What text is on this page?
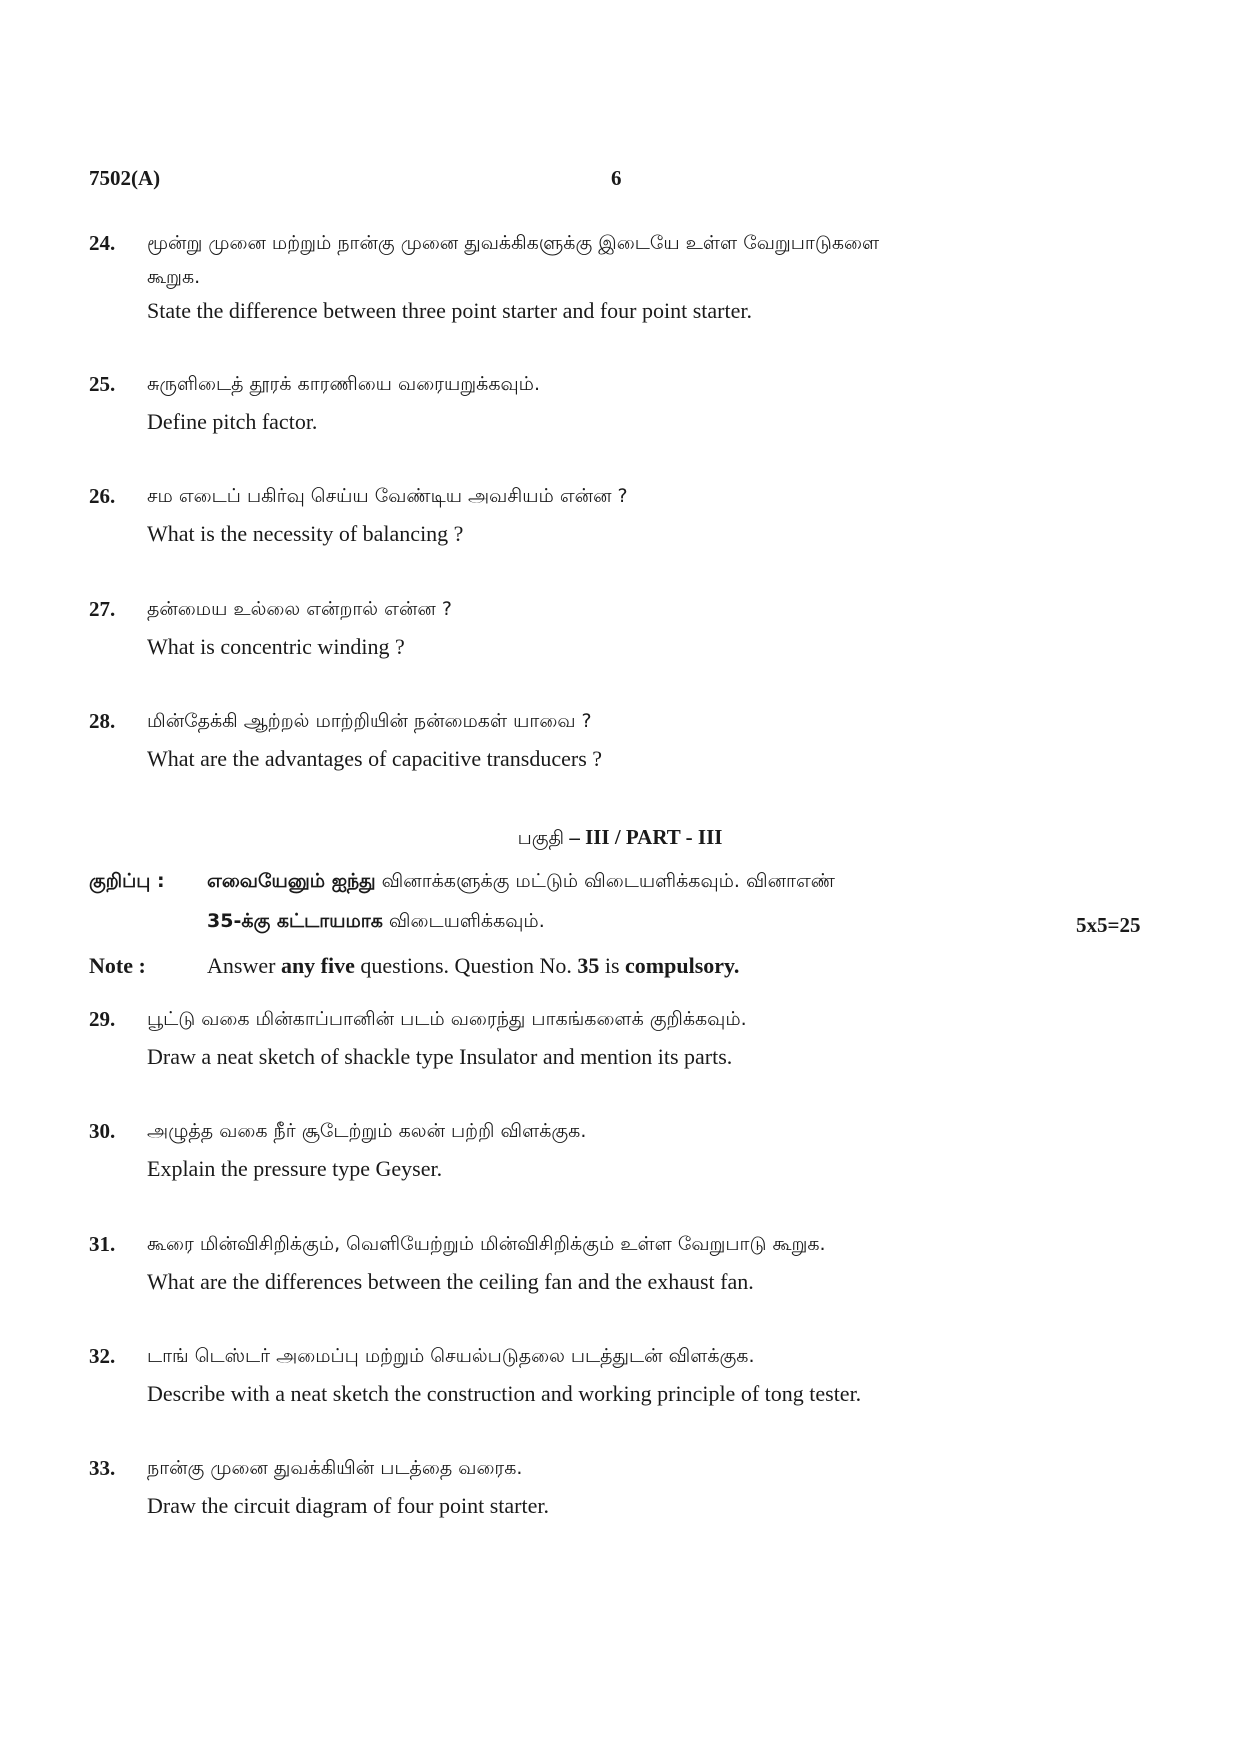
7502(A)	6
24.	மூன்று முனை மற்றும் நான்கு முனை துவக்கிகளுக்கு இடையே உள்ள வேறுபாடுகளை
கூறுக.
State the difference between three point starter and four point starter.
25.	சுருளிடைத் தூரக் காரணியை வரையறுக்கவும்.
Define pitch factor.
26.	சம எடைப் பகிர்வு செய்ய வேண்டிய அவசியம் என்ன ?
What is the necessity of balancing ?
27.	தன்மைய உல்லை என்றால் என்ன ?
What is concentric winding ?
28.	மின்தேக்கி ஆற்றல் மாற்றியின் நன்மைகள் யாவை ?
What are the advantages of capacitive transducers ?
பகுதி – III / PART - III
குறிப்பு : எவையேனும் ஐந்து வினாக்களுக்கு மட்டும் விடையளிக்கவும். வினாஎண்
35-க்கு கட்டாயமாக விடையளிக்கவும்.	5x5=25
Note :	Answer any five questions. Question No. 35 is compulsory.
29.	பூட்டு வகை மின்காப்பானின் படம் வரைந்து பாகங்களைக் குறிக்கவும்.
Draw a neat sketch of shackle type Insulator and mention its parts.
30.	அழுத்த வகை நீர் சூடேற்றும் கலன் பற்றி விளக்குக.
Explain the pressure type Geyser.
31.	கூரை மின்விசிறிக்கும், வெளியேற்றும் மின்விசிறிக்கும் உள்ள வேறுபாடு கூறுக.
What are the differences between the ceiling fan and the exhaust fan.
32.	டாங் டெஸ்டர் அமைப்பு மற்றும் செயல்படுதலை படத்துடன் விளக்குக.
Describe with a neat sketch the construction and working principle of tong tester.
33.	நான்கு முனை துவக்கியின் படத்தை வரைக.
Draw the circuit diagram of four point starter.
